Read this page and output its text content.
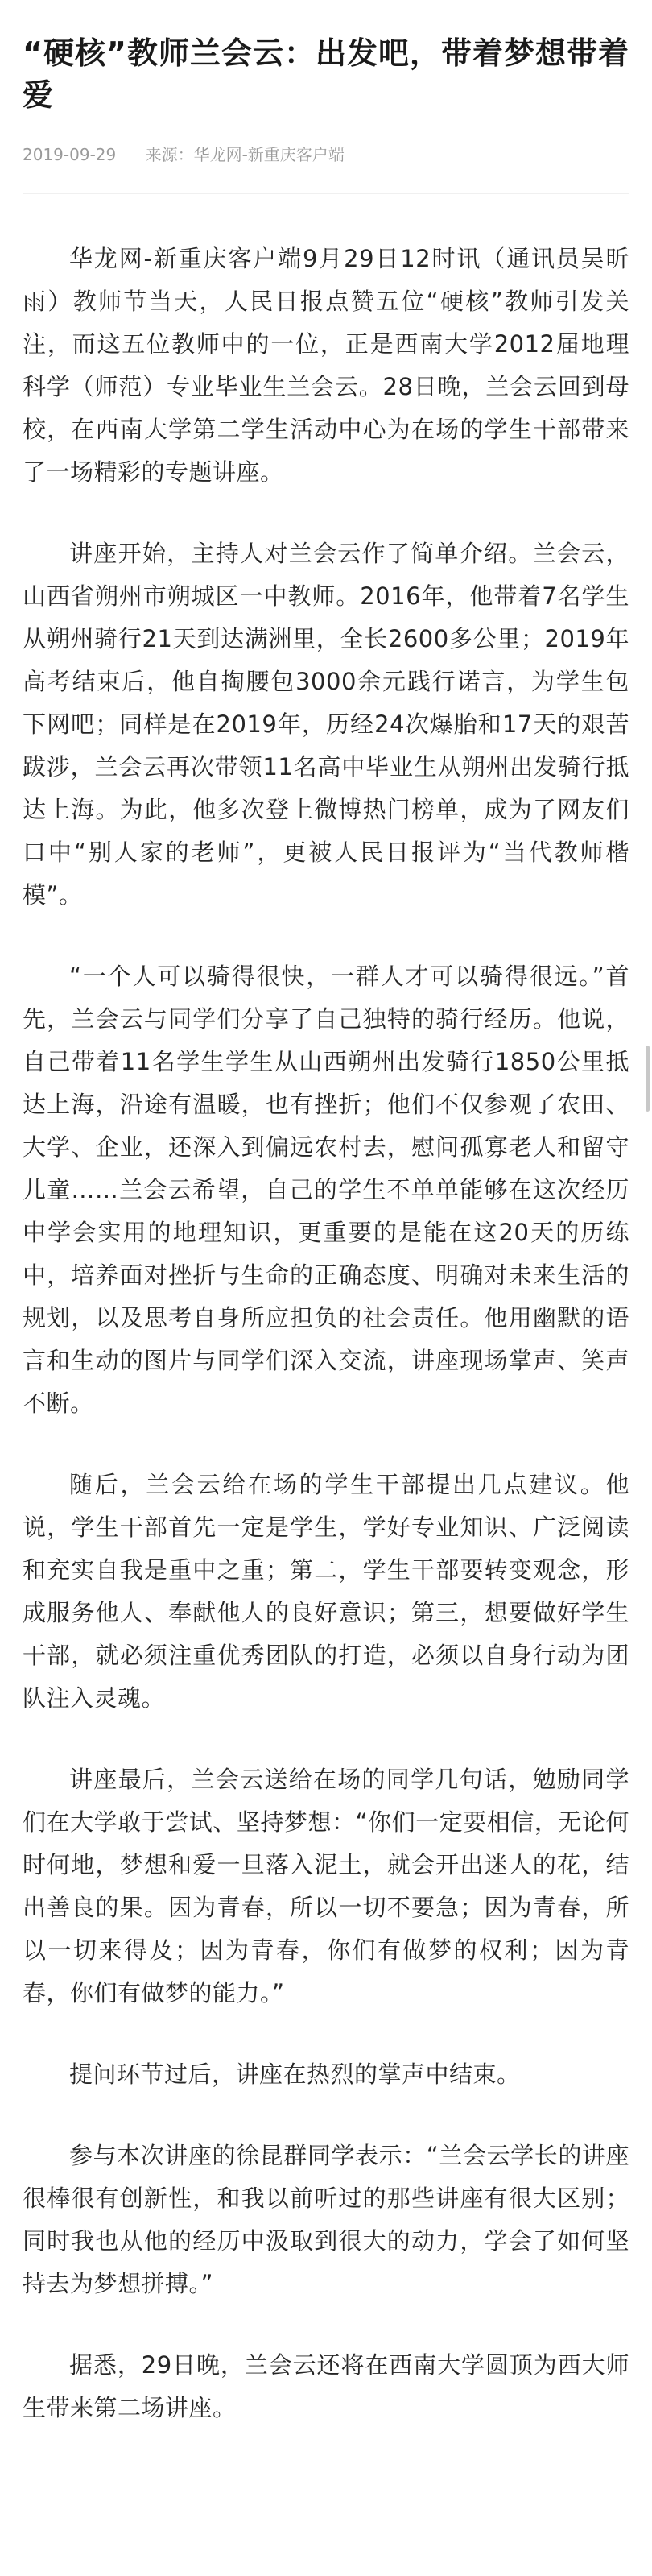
“硬核”教师兰会云：出发吧，带着梦想带着爱
2019-09-29 来源：华龙网-新重庆客户端

华龙网-新重庆客户端9月29日12时讯（通讯员吴昕雨）教师节当天，人民日报点赞五位“硬核”教师引发关注，而这五位教师中的一位，正是西南大学2012届地理科学（师范）专业毕业生兰会云。28日晚，兰会云回到母校，在西南大学第二学生活动中心为在场的学生干部带来了一场精彩的专题讲座。

讲座开始，主持人对兰会云作了简单介绍。兰会云，山西省朔州市朔城区一中教师。2016年，他带着7名学生从朔州骑行21天到达满洲里，全长2600多公里；2019年高考结束后，他自掏腰包3000余元践行诺言，为学生包下网吧；同样是在2019年，历经24次爆胎和17天的艰苦跋涉，兰会云再次带领11名高中毕业生从朔州出发骑行抵达上海。为此，他多次登上微博热门榜单，成为了网友们口中“别人家的老师”，更被人民日报评为“当代教师楷模”。

“一个人可以骑得很快，一群人才可以骑得很远。”首先，兰会云与同学们分享了自己独特的骑行经历。他说，自己带着11名学生学生从山西朔州出发骑行1850公里抵达上海，沿途有温暖，也有挫折；他们不仅参观了农田、大学、企业，还深入到偏远农村去，慰问孤寡老人和留守儿童……兰会云希望，自己的学生不单单能够在这次经历中学会实用的地理知识，更重要的是能在这20天的历练中，培养面对挫折与生命的正确态度、明确对未来生活的规划，以及思考自身所应担负的社会责任。他用幽默的语言和生动的图片与同学们深入交流，讲座现场掌声、笑声不断。

随后，兰会云给在场的学生干部提出几点建议。他说，学生干部首先一定是学生，学好专业知识、广泛阅读和充实自我是重中之重；第二，学生干部要转变观念，形成服务他人、奉献他人的良好意识；第三，想要做好学生干部，就必须注重优秀团队的打造，必须以自身行动为团队注入灵魂。

讲座最后，兰会云送给在场的同学几句话，勉励同学们在大学敢于尝试、坚持梦想：“你们一定要相信，无论何时何地，梦想和爱一旦落入泥土，就会开出迷人的花，结出善良的果。因为青春，所以一切不要急；因为青春，所以一切来得及；因为青春，你们有做梦的权利；因为青春，你们有做梦的能力。”

提问环节过后，讲座在热烈的掌声中结束。

参与本次讲座的徐昆群同学表示：“兰会云学长的讲座很棒很有创新性，和我以前听过的那些讲座有很大区别；同时我也从他的经历中汲取到很大的动力，学会了如何坚持去为梦想拼搏。”

据悉，29日晚，兰会云还将在西南大学圆顶为西大师生带来第二场讲座。
